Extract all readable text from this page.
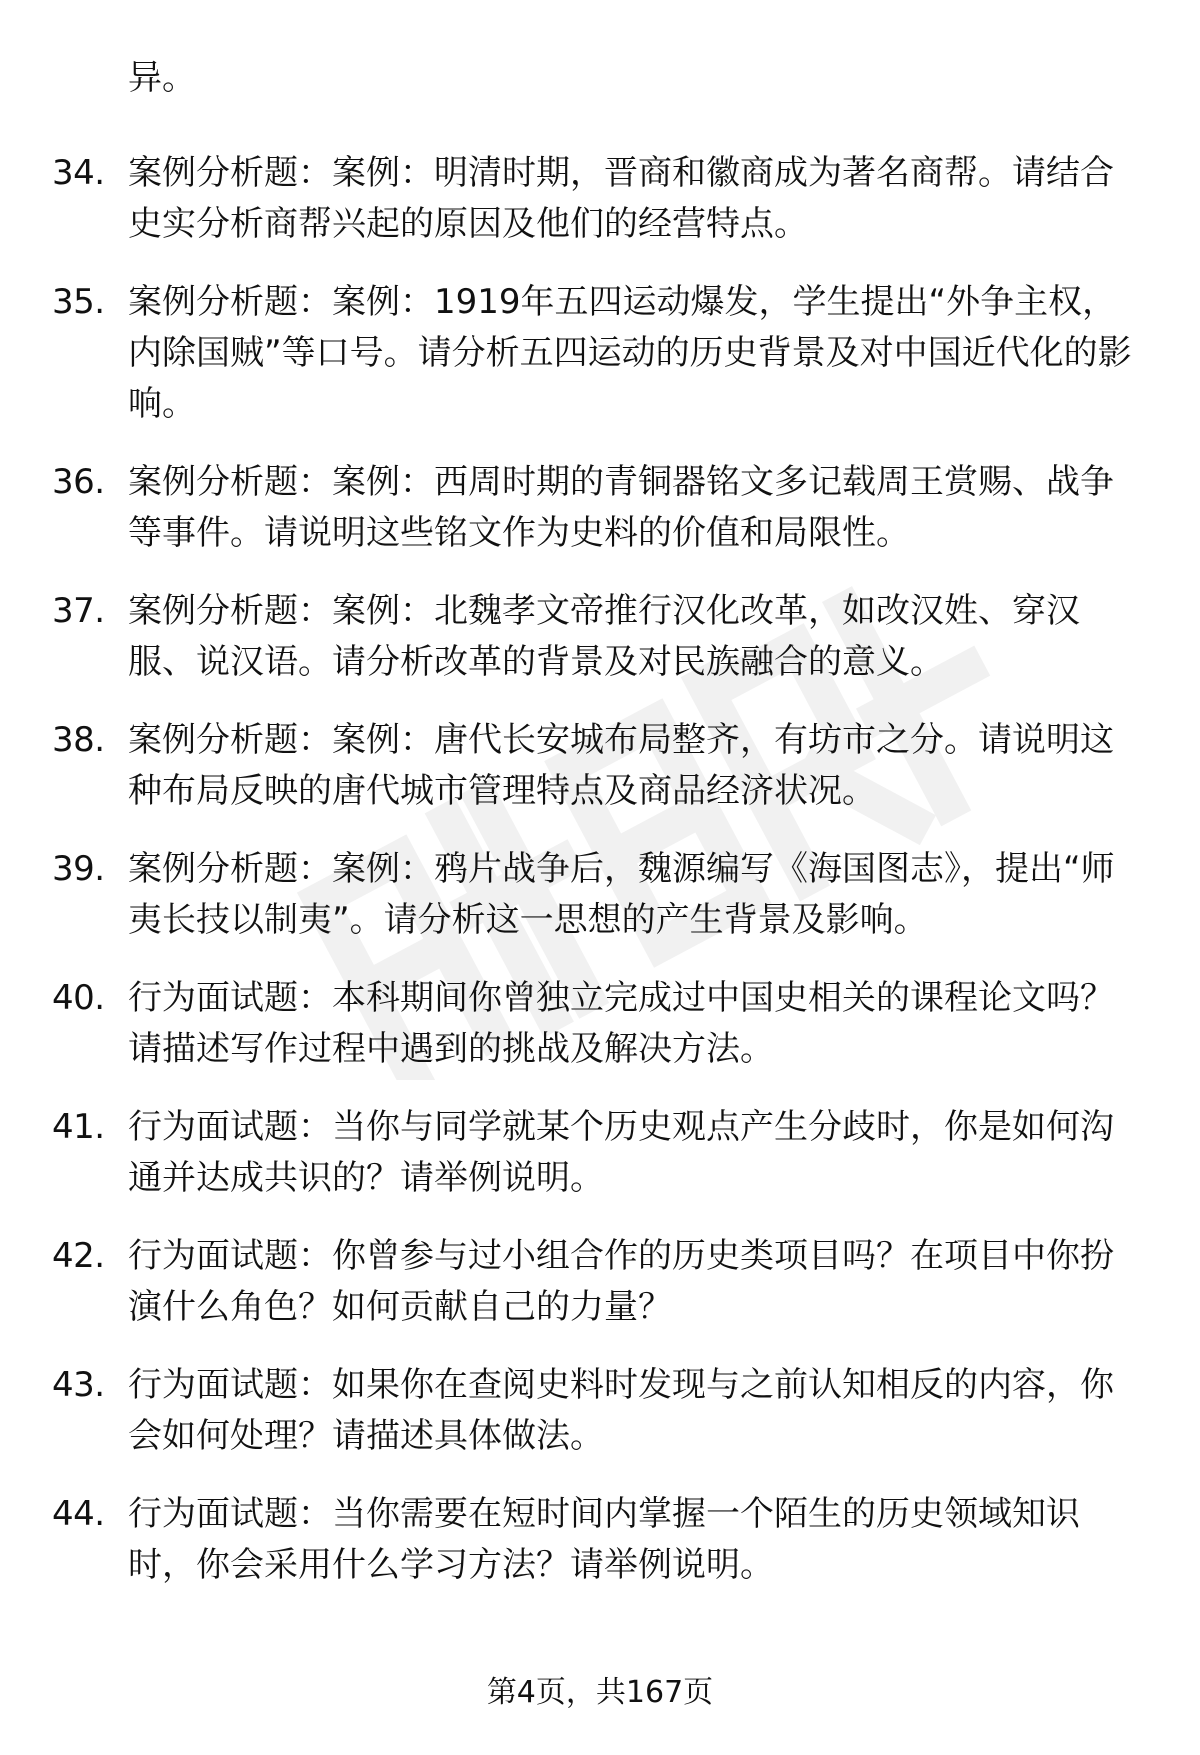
异。
34. 案例分析题：案例：明清时期，晋商和徽商成为著名商帮。请结合史实分析商帮兴起的原因及他们的经营特点。
35. 案例分析题：案例：1919年五四运动爆发，学生提出“外争主权，内除国贼”等口号。请分析五四运动的历史背景及对中国近代化的影响。
36. 案例分析题：案例：西周时期的青铜器铭文多记载周王赏赐、战争等事件。请说明这些铭文作为史料的价值和局限性。
37. 案例分析题：案例：北魏孝文帝推行汉化改革，如改汉姓、穿汉服、说汉语。请分析改革的背景及对民族融合的意义。
38. 案例分析题：案例：唐代长安城布局整齐，有坊市之分。请说明这种布局反映的唐代城市管理特点及商品经济状况。
39. 案例分析题：案例：鸦片战争后，魏源编写《海国图志》，提出“师夷长技以制夷”。请分析这一思想的产生背景及影响。
40. 行为面试题：本科期间你曾独立完成过中国史相关的课程论文吗？请描述写作过程中遇到的挑战及解决方法。
41. 行为面试题：当你与同学就某个历史观点产生分歧时，你是如何沟通并达成共识的？请举例说明。
42. 行为面试题：你曾参与过小组合作的历史类项目吗？在项目中你扮演什么角色？如何贡献自己的力量？
43. 行为面试题：如果你在查阅史料时发现与之前认知相反的内容，你会如何处理？请描述具体做法。
44. 行为面试题：当你需要在短时间内掌握一个陌生的历史领域知识时，你会采用什么学习方法？请举例说明。
第4页，共167页
